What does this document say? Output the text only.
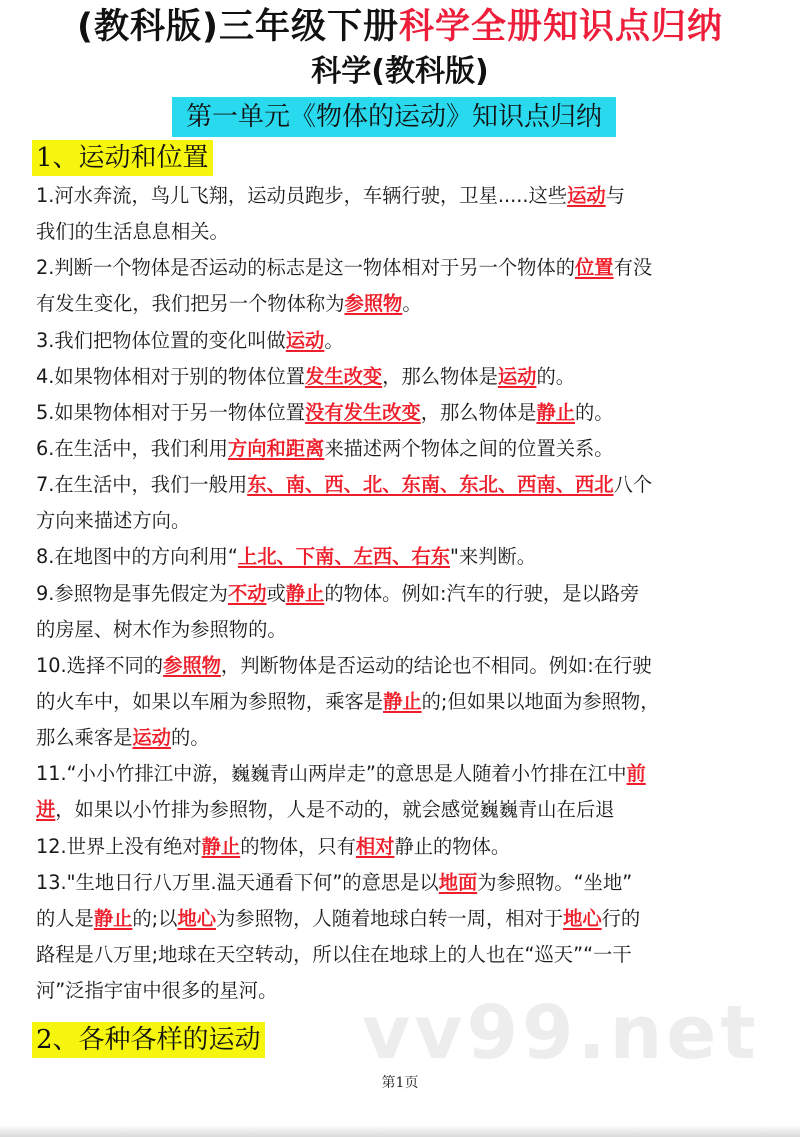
(教科版)三年级下册科学全册知识点归纳
科学(教科版)
第一单元《物体的运动》知识点归纳
1、运动和位置
1.河水奔流，鸟儿飞翔，运动员跑步，车辆行驶，卫星.....这些运动与
我们的生活息息相关。
2.判断一个物体是否运动的标志是这一物体相对于另一个物体的位置有没
有发生变化，我们把另一个物体称为参照物。
3.我们把物体位置的变化叫做运动。
4.如果物体相对于别的物体位置发生改变，那么物体是运动的。
5.如果物体相对于另一物体位置没有发生改变，那么物体是静止的。
6.在生活中，我们利用方向和距离来描述两个物体之间的位置关系。
7.在生活中，我们一般用东、南、西、北、东南、东北、西南、西北八个
方向来描述方向。
8.在地图中的方向利用“上北、下南、左西、右东"来判断。
9.参照物是事先假定为不动或静止的物体。例如:汽车的行驶，是以路旁
的房屋、树木作为参照物的。
10.选择不同的参照物，判断物体是否运动的结论也不相同。例如:在行驶
的火车中，如果以车厢为参照物，乘客是静止的;但如果以地面为参照物，
那么乘客是运动的。
11.“小小竹排江中游，巍巍青山两岸走”的意思是人随着小竹排在江中前
进，如果以小竹排为参照物，人是不动的，就会感觉巍巍青山在后退
12.世界上没有绝对静止的物体，只有相对静止的物体。
13."生地日行八万里.温天通看下何”的意思是以地面为参照物。“坐地”
的人是静止的;以地心为参照物，人随着地球白转一周，相对于地心行的
路程是八万里;地球在天空转动，所以住在地球上的人也在“巡天”“一干
河”泛指宇宙中很多的星河。
2、各种各样的运动 vv99.net
第1页
